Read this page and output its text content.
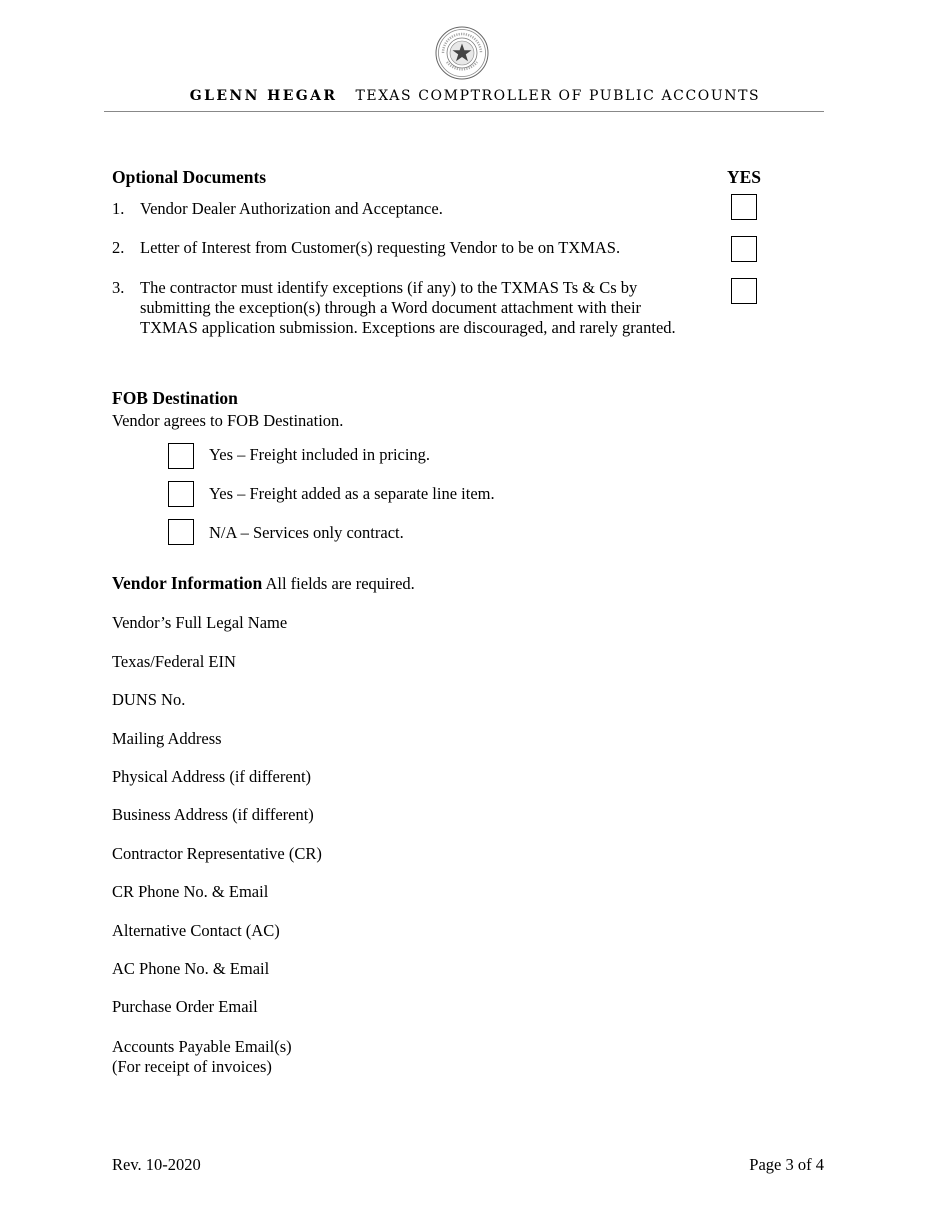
GLENN HEGAR TEXAS COMPTROLLER OF PUBLIC ACCOUNTS
Optional Documents	YES
1. Vendor Dealer Authorization and Acceptance.
2. Letter of Interest from Customer(s) requesting Vendor to be on TXMAS.
3. The contractor must identify exceptions (if any) to the TXMAS Ts & Cs by submitting the exception(s) through a Word document attachment with their TXMAS application submission. Exceptions are discouraged, and rarely granted.
FOB Destination
Vendor agrees to FOB Destination.
Yes – Freight included in pricing.
Yes – Freight added as a separate line item.
N/A – Services only contract.
Vendor Information All fields are required.
Vendor’s Full Legal Name
Texas/Federal EIN
DUNS No.
Mailing Address
Physical Address (if different)
Business Address (if different)
Contractor Representative (CR)
CR Phone No. & Email
Alternative Contact (AC)
AC Phone No. & Email
Purchase Order Email
Accounts Payable Email(s)
(For receipt of invoices)
Rev. 10-2020	Page 3 of 4
